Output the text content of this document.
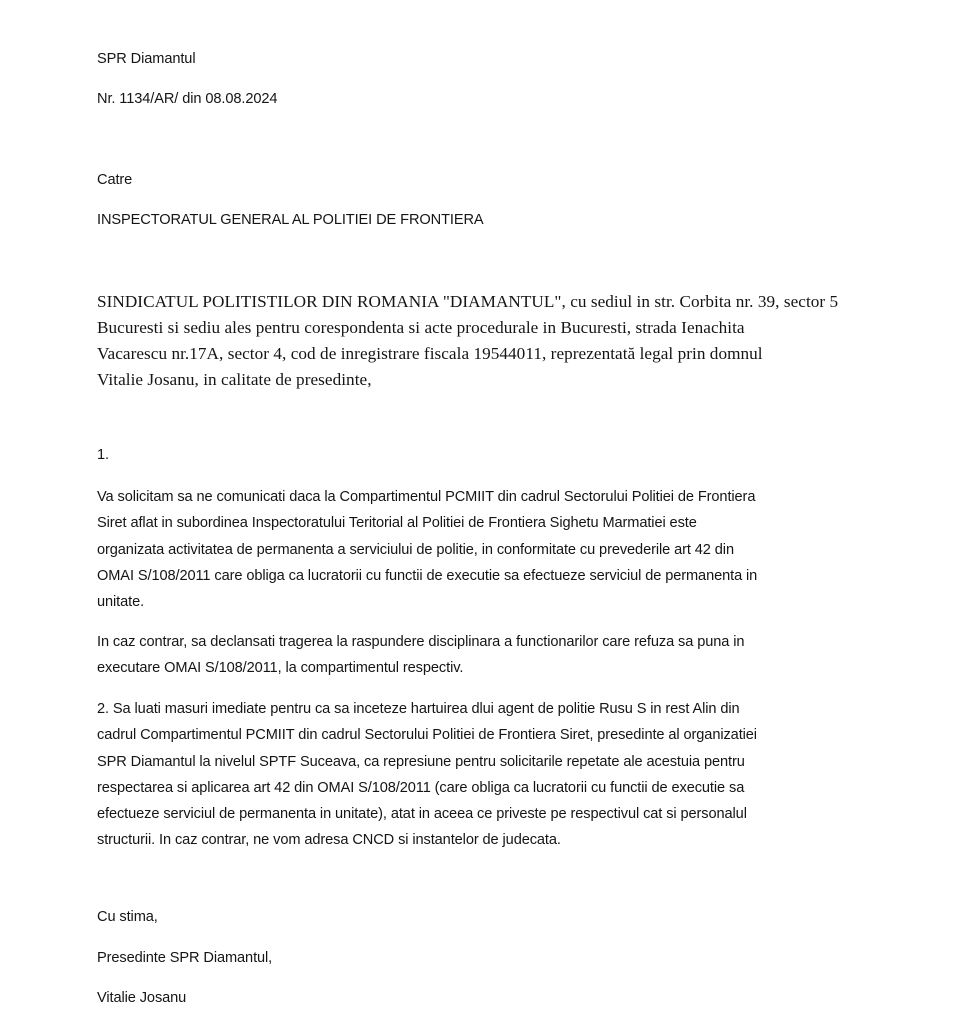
SPR Diamantul
Nr. 1134/AR/ din 08.08.2024
Catre
INSPECTORATUL GENERAL AL POLITIEI DE FRONTIERA
SINDICATUL POLITISTILOR DIN ROMANIA "DIAMANTUL", cu sediul in str. Corbita nr. 39, sector 5
Bucuresti si sediu ales pentru corespondenta si acte procedurale in Bucuresti, strada Ienachita
Vacarescu nr.17A, sector 4, cod de inregistrare fiscala 19544011, reprezentată legal prin domnul
Vitalie Josanu, in calitate de presedinte,
1.
Va solicitam sa ne comunicati daca la Compartimentul PCMIIT din cadrul Sectorului Politiei de Frontiera
Siret aflat in subordinea Inspectoratului Teritorial al Politiei de Frontiera Sighetu Marmatiei este
organizata activitatea de permanenta a serviciului de politie, in conformitate cu prevederile art 42 din
OMAI S/108/2011 care obliga ca lucratorii cu functii de executie sa efectueze serviciul de permanenta in
unitate.
In caz contrar, sa declansati tragerea la raspundere disciplinara a functionarilor care refuza sa puna in
executare OMAI S/108/2011, la compartimentul respectiv.
2. Sa luati masuri imediate pentru ca sa inceteze hartuirea dlui agent de politie Rusu S in rest Alin din
cadrul Compartimentul PCMIIT din cadrul Sectorului Politiei de Frontiera Siret, presedinte al organizatiei
SPR Diamantul la nivelul SPTF Suceava, ca represiune pentru solicitarile repetate ale acestuia pentru
respectarea si aplicarea art 42 din OMAI S/108/2011 (care obliga ca lucratorii cu functii de executie sa
efectueze serviciul de permanenta in unitate), atat in aceea ce priveste pe respectivul cat si personalul
structurii. In caz contrar, ne vom adresa CNCD si instantelor de judecata.
Cu stima,
Presedinte SPR Diamantul,
Vitalie Josanu
